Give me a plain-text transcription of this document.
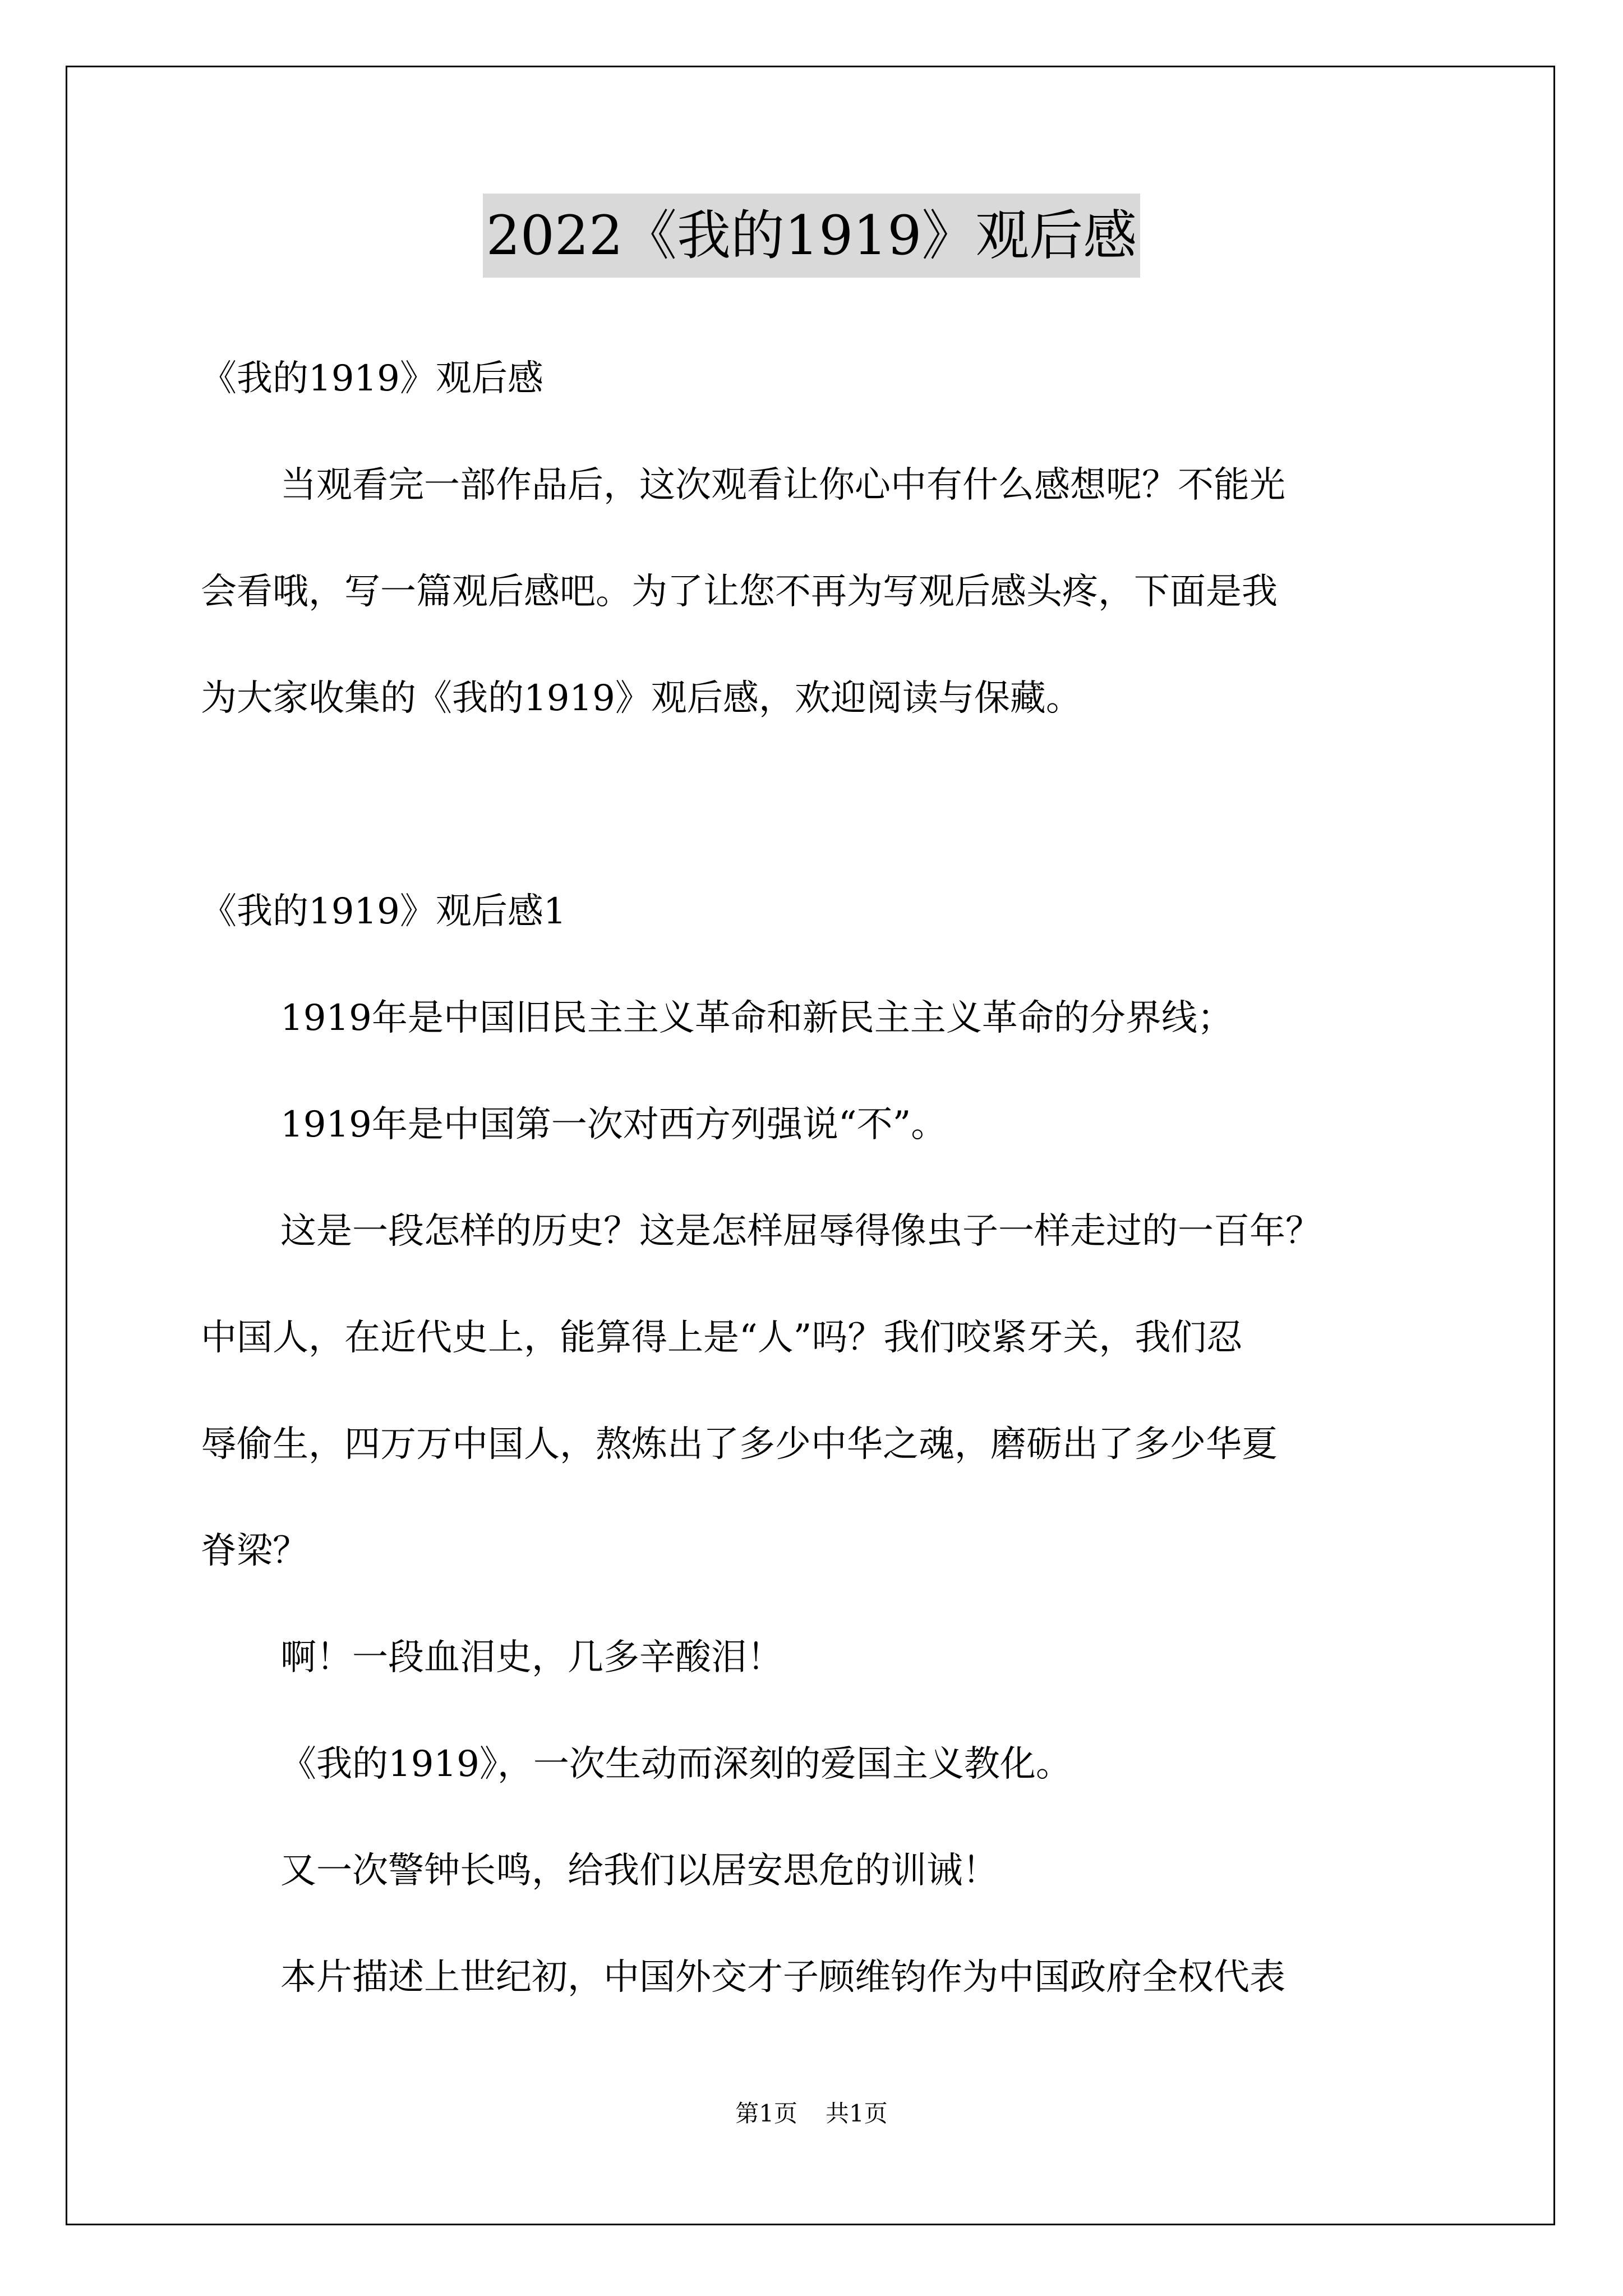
2022《我的1919》观后感
《我的1919》观后感
当观看完一部作品后，这次观看让你心中有什么感想呢？不能光
会看哦，写一篇观后感吧。为了让您不再为写观后感头疼，下面是我
为大家收集的《我的1919》观后感，欢迎阅读与保藏。
《我的1919》观后感1
1919年是中国旧民主主义革命和新民主主义革命的分界线；
1919年是中国第一次对西方列强说“不”。
这是一段怎样的历史？这是怎样屈辱得像虫子一样走过的一百年？
中国人，在近代史上，能算得上是“人”吗？我们咬紧牙关，我们忍
辱偷生，四万万中国人，熬炼出了多少中华之魂，磨砺出了多少华夏
脊梁？
啊！一段血泪史，几多辛酸泪！
《我的1919》，一次生动而深刻的爱国主义教化。
又一次警钟长鸣，给我们以居安思危的训诫！
本片描述上世纪初，中国外交才子顾维钧作为中国政府全权代表
第1页 共1页
